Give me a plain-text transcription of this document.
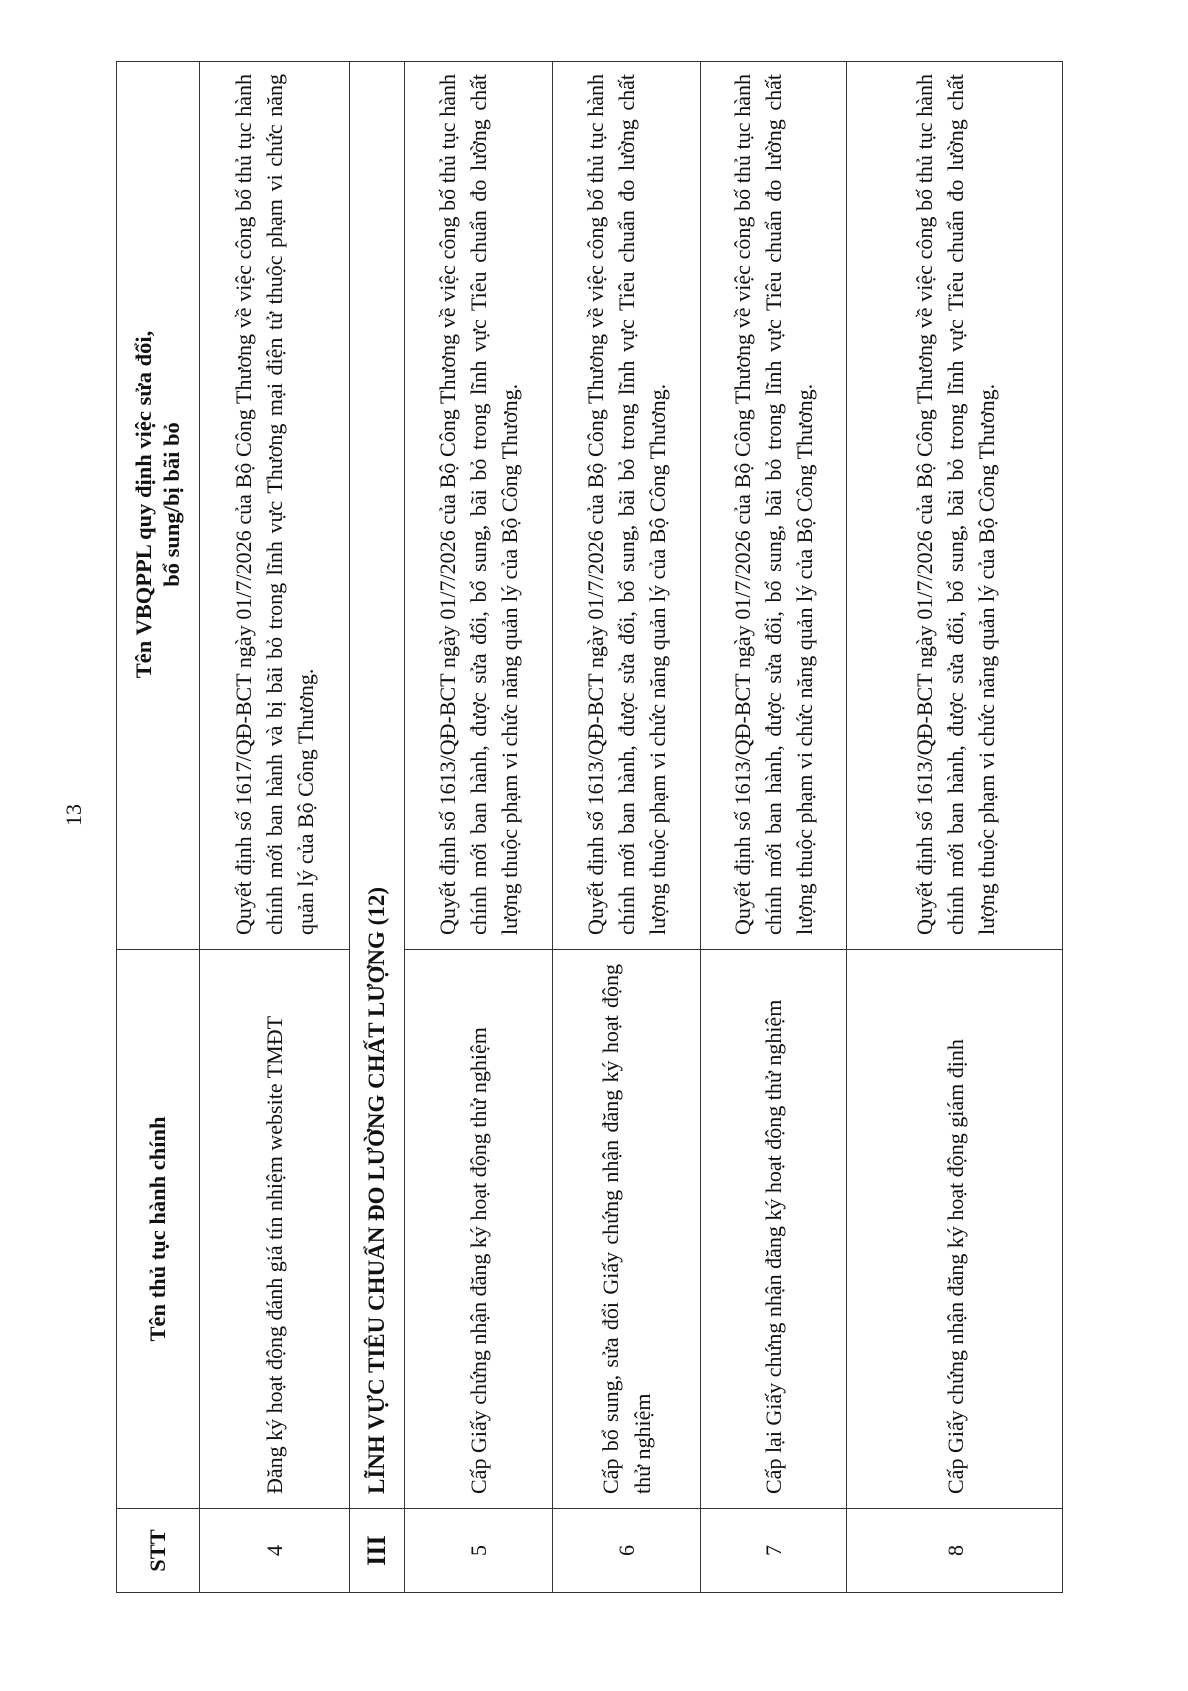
13
STT
Tên thủ tục hành chính
Tên VBQPPL quy định việc sửa đổi, bổ sung/bị bãi bỏ
4
Đăng ký hoạt động đánh giá tín nhiệm website TMĐT
Quyết định số 1617/QĐ-BCT ngày 01/7/2026 của Bộ Công Thương về việc công bố thủ tục hành chính mới ban hành và bị bãi bỏ trong lĩnh vực Thương mại điện tử thuộc phạm vi chức năng quản lý của Bộ Công Thương.
III
LĨNH VỰC TIÊU CHUẨN ĐO LƯỜNG CHẤT LƯỢNG (12)
5
Cấp Giấy chứng nhận đăng ký hoạt động thử nghiệm
Quyết định số 1613/QĐ-BCT ngày 01/7/2026 của Bộ Công Thương về việc công bố thủ tục hành chính mới ban hành, được sửa đổi, bổ sung, bãi bỏ trong lĩnh vực Tiêu chuẩn đo lường chất lượng thuộc phạm vi chức năng quản lý của Bộ Công Thương.
6
Cấp bổ sung, sửa đổi Giấy chứng nhận đăng ký hoạt động thử nghiệm
Quyết định số 1613/QĐ-BCT ngày 01/7/2026 của Bộ Công Thương về việc công bố thủ tục hành chính mới ban hành, được sửa đổi, bổ sung, bãi bỏ trong lĩnh vực Tiêu chuẩn đo lường chất lượng thuộc phạm vi chức năng quản lý của Bộ Công Thương.
7
Cấp lại Giấy chứng nhận đăng ký hoạt động thử nghiệm
Quyết định số 1613/QĐ-BCT ngày 01/7/2026 của Bộ Công Thương về việc công bố thủ tục hành chính mới ban hành, được sửa đổi, bổ sung, bãi bỏ trong lĩnh vực Tiêu chuẩn đo lường chất lượng thuộc phạm vi chức năng quản lý của Bộ Công Thương.
8
Cấp Giấy chứng nhận đăng ký hoạt động giám định
Quyết định số 1613/QĐ-BCT ngày 01/7/2026 của Bộ Công Thương về việc công bố thủ tục hành chính mới ban hành, được sửa đổi, bổ sung, bãi bỏ trong lĩnh vực Tiêu chuẩn đo lường chất lượng thuộc phạm vi chức năng quản lý của Bộ Công Thương.
